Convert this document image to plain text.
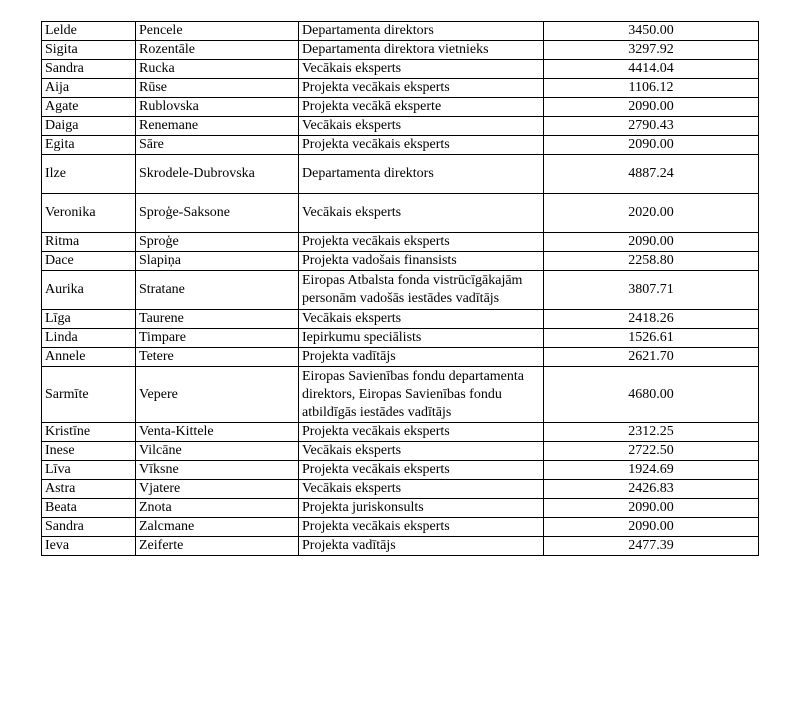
Lelde	Pencele	Departamenta direktors	3450.00
Sigita	Rozentāle	Departamenta direktora vietnieks	3297.92
Sandra	Rucka	Vecākais eksperts	4414.04
Aija	Rūse	Projekta vecākais eksperts	1106.12
Agate	Rublovska	Projekta vecākā eksperte	2090.00
Daiga	Renemane	Vecākais eksperts	2790.43
Egita	Sāre	Projekta vecākais eksperts	2090.00
Ilze	Skrodele-Dubrovska	Departamenta direktors	4887.24
Veronika	Sproģe-Saksone	Vecākais eksperts	2020.00
Ritma	Sproģe	Projekta vecākais eksperts	2090.00
Dace	Slapiņa	Projekta vadošais finansists	2258.80
Aurika	Stratane	Eiropas Atbalsta fonda vistrūcīgākajām personām vadošās iestādes vadītājs	3807.71
Līga	Taurene	Vecākais eksperts	2418.26
Linda	Timpare	Iepirkumu speciālists	1526.61
Annele	Tetere	Projekta vadītājs	2621.70
Sarmīte	Vepere	Eiropas Savienības fondu departamenta direktors, Eiropas Savienības fondu atbildīgās iestādes vadītājs	4680.00
Kristīne	Venta-Kittele	Projekta vecākais eksperts	2312.25
Inese	Vilcāne	Vecākais eksperts	2722.50
Līva	Vīksne	Projekta vecākais eksperts	1924.69
Astra	Vjatere	Vecākais eksperts	2426.83
Beata	Znota	Projekta juriskonsults	2090.00
Sandra	Zalcmane	Projekta vecākais eksperts	2090.00
Ieva	Zeiferte	Projekta vadītājs	2477.39
